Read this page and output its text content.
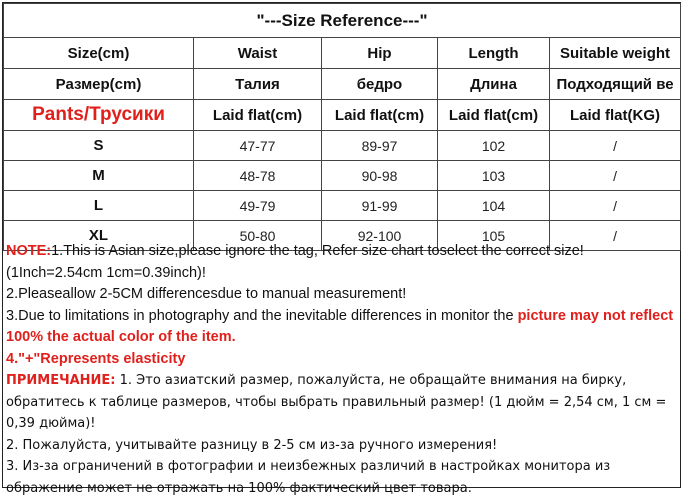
"---Size Reference---"				
Size(cm)	Waist	Hip	Length	Suitable weight
Размер(cm)	Талия	бедро	Длина	Подходящий ве
Pants/Трусики	Laid flat(cm)	Laid flat(cm)	Laid flat(cm)	Laid flat(KG)
S	47-77	89-97	102	/
M	48-78	90-98	103	/
L	49-79	91-99	104	/
XL	50-80	92-100	105	/

NOTE:1.This is Asian size,please ignore the tag, Refer size chart toselect the correct size!(1Inch=2.54cm 1cm=0.39inch)!

2.Pleaseallow 2-5CM differencesdue to manual measurement!

3.Due to limitations in photography and the inevitable differences in monitor the picture may not reflect 100% the actual color of the item.

4."+"Represents elasticity

ПРИМЕЧАНИЕ: 1. Это азиатский размер, пожалуйста, не обращайте внимания на бирку, обратитесь к таблице размеров, чтобы выбрать правильный размер! (1 дюйм = 2,54 см, 1 см = 0,39 дюйма)!

2. Пожалуйста, учитывайте разницу в 2-5 см из-за ручного измерения!

3. Из-за ограничений в фотографии и неизбежных различий в настройках монитора из ображение может не отражать на 100% фактический цвет товара.
